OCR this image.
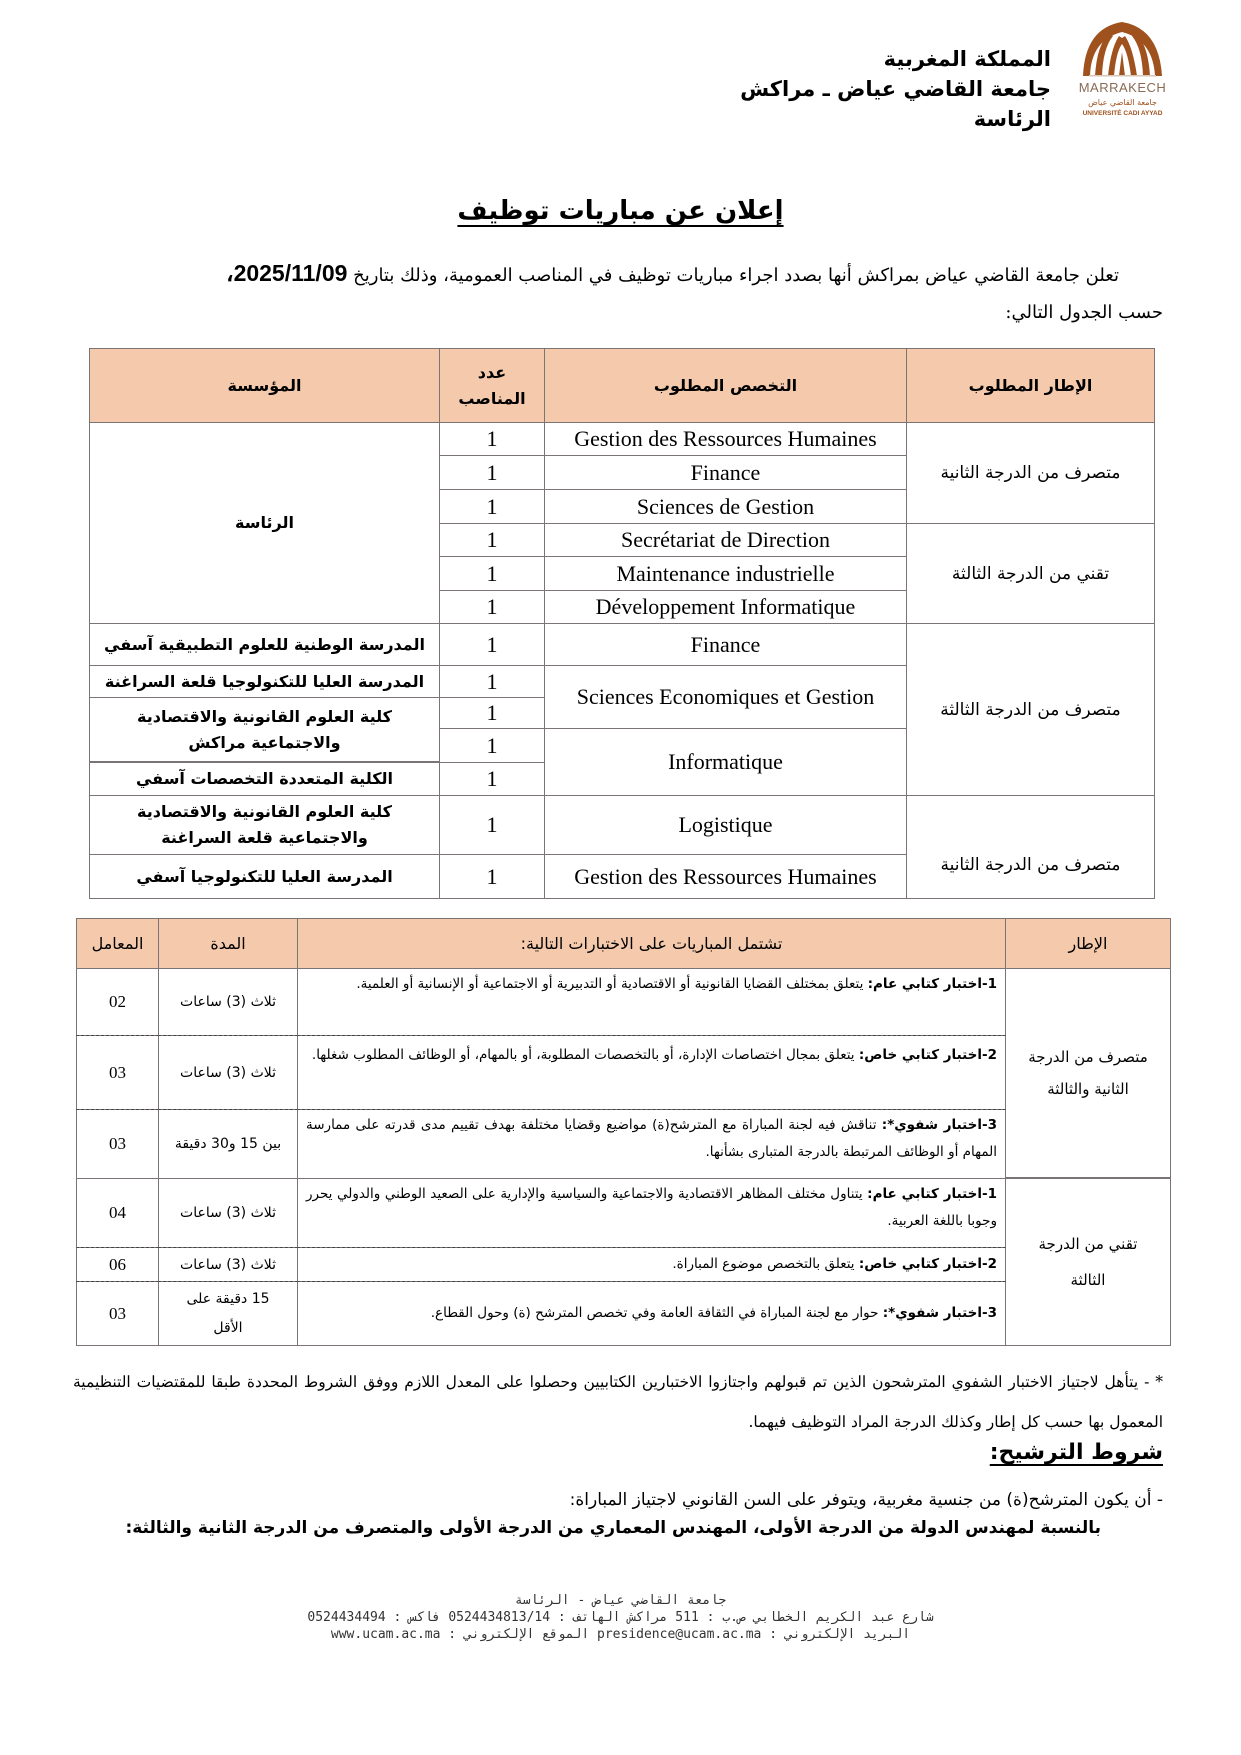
المملكة المغربية
جامعة القاضي عياض ـ مراكش
الرئاسة
MARRAKECH
جامعة القاضي عياض
UNIVERSITÉ CADI AYYAD
إعلان عن مباريات توظيف
تعلن جامعة القاضي عياض بمراكش أنها بصدد اجراء مباريات توظيف في المناصب العمومية، وذلك بتاريخ 2025/11/09،
حسب الجدول التالي:
الإطار المطلوب
التخصص المطلوب
عدد المناصب
المؤسسة
متصرف من الدرجة الثانية
تقني من الدرجة الثالثة
متصرف من الدرجة الثالثة
متصرف من الدرجة الثانية
Gestion des Ressources Humaines
Finance
Sciences de Gestion
Secrétariat de Direction
Maintenance industrielle
Développement Informatique
Finance
Sciences Economiques et Gestion
Informatique
Logistique
Gestion des Ressources Humaines
1
1
1
1
1
1
1
1
1
1
1
1
1
الرئاسة
المدرسة الوطنية للعلوم التطبيقية آسفي
المدرسة العليا للتكنولوجيا قلعة السراغنة
كلية العلوم القانونية والاقتصادية والاجتماعية مراكش
الكلية المتعددة التخصصات آسفي
كلية العلوم القانونية والاقتصادية والاجتماعية قلعة السراغنة
المدرسة العليا للتكنولوجيا آسفي
الإطار
تشتمل المباريات على الاختبارات التالية:
المدة
المعامل
متصرف من الدرجة الثانية والثالثة
1-اختبار كتابي عام: يتعلق بمختلف القضايا القانونية أو الاقتصادية أو التدبيرية أو الاجتماعية أو الإنسانية أو العلمية.
ثلاث (3) ساعات
02
2-اختبار كتابي خاص: يتعلق بمجال اختصاصات الإدارة، أو بالتخصصات المطلوبة، أو بالمهام، أو الوظائف المطلوب شغلها.
ثلاث (3) ساعات
03
3-اختبار شفوي*: تناقش فيه لجنة المباراة مع المترشح(ة) مواضيع وقضايا مختلفة بهدف تقييم مدى قدرته على ممارسة المهام أو الوظائف المرتبطة بالدرجة المتبارى بشأنها.
بين 15 و30 دقيقة
03
تقني من الدرجة الثالثة
1-اختبار كتابي عام: يتناول مختلف المظاهر الاقتصادية والاجتماعية والسياسية والإدارية على الصعيد الوطني والدولي يحرر وجوبا باللغة العربية.
ثلاث (3) ساعات
04
2-اختبار كتابي خاص: يتعلق بالتخصص موضوع المباراة.
ثلاث (3) ساعات
06
3-اختبار شفوي*: حوار مع لجنة المباراة في الثقافة العامة وفي تخصص المترشح (ة) وحول القطاع.
15 دقيقة على الأقل
03
* - يتأهل لاجتياز الاختبار الشفوي المترشحون الذين تم قبولهم واجتازوا الاختبارين الكتابيين وحصلوا على المعدل اللازم ووفق الشروط المحددة طبقا للمقتضيات التنظيمية المعمول بها حسب كل إطار وكذلك الدرجة المراد التوظيف فيهما.
شروط الترشيح:
- أن يكون المترشح(ة) من جنسية مغربية، ويتوفر على السن القانوني لاجتياز المباراة:
بالنسبة لمهندس الدولة من الدرجة الأولى، المهندس المعماري من الدرجة الأولى والمتصرف من الدرجة الثانية والثالثة:
جامعة القاضي عياض - الرئاسة
شارع عبد الكريم الخطابي ص.ب : 511 مراكش الهاتف : 0524434813/14 فاكس : 0524434494
البريد الإلكتروني : presidence@ucam.ac.ma الموقع الإلكتروني : www.ucam.ac.ma
